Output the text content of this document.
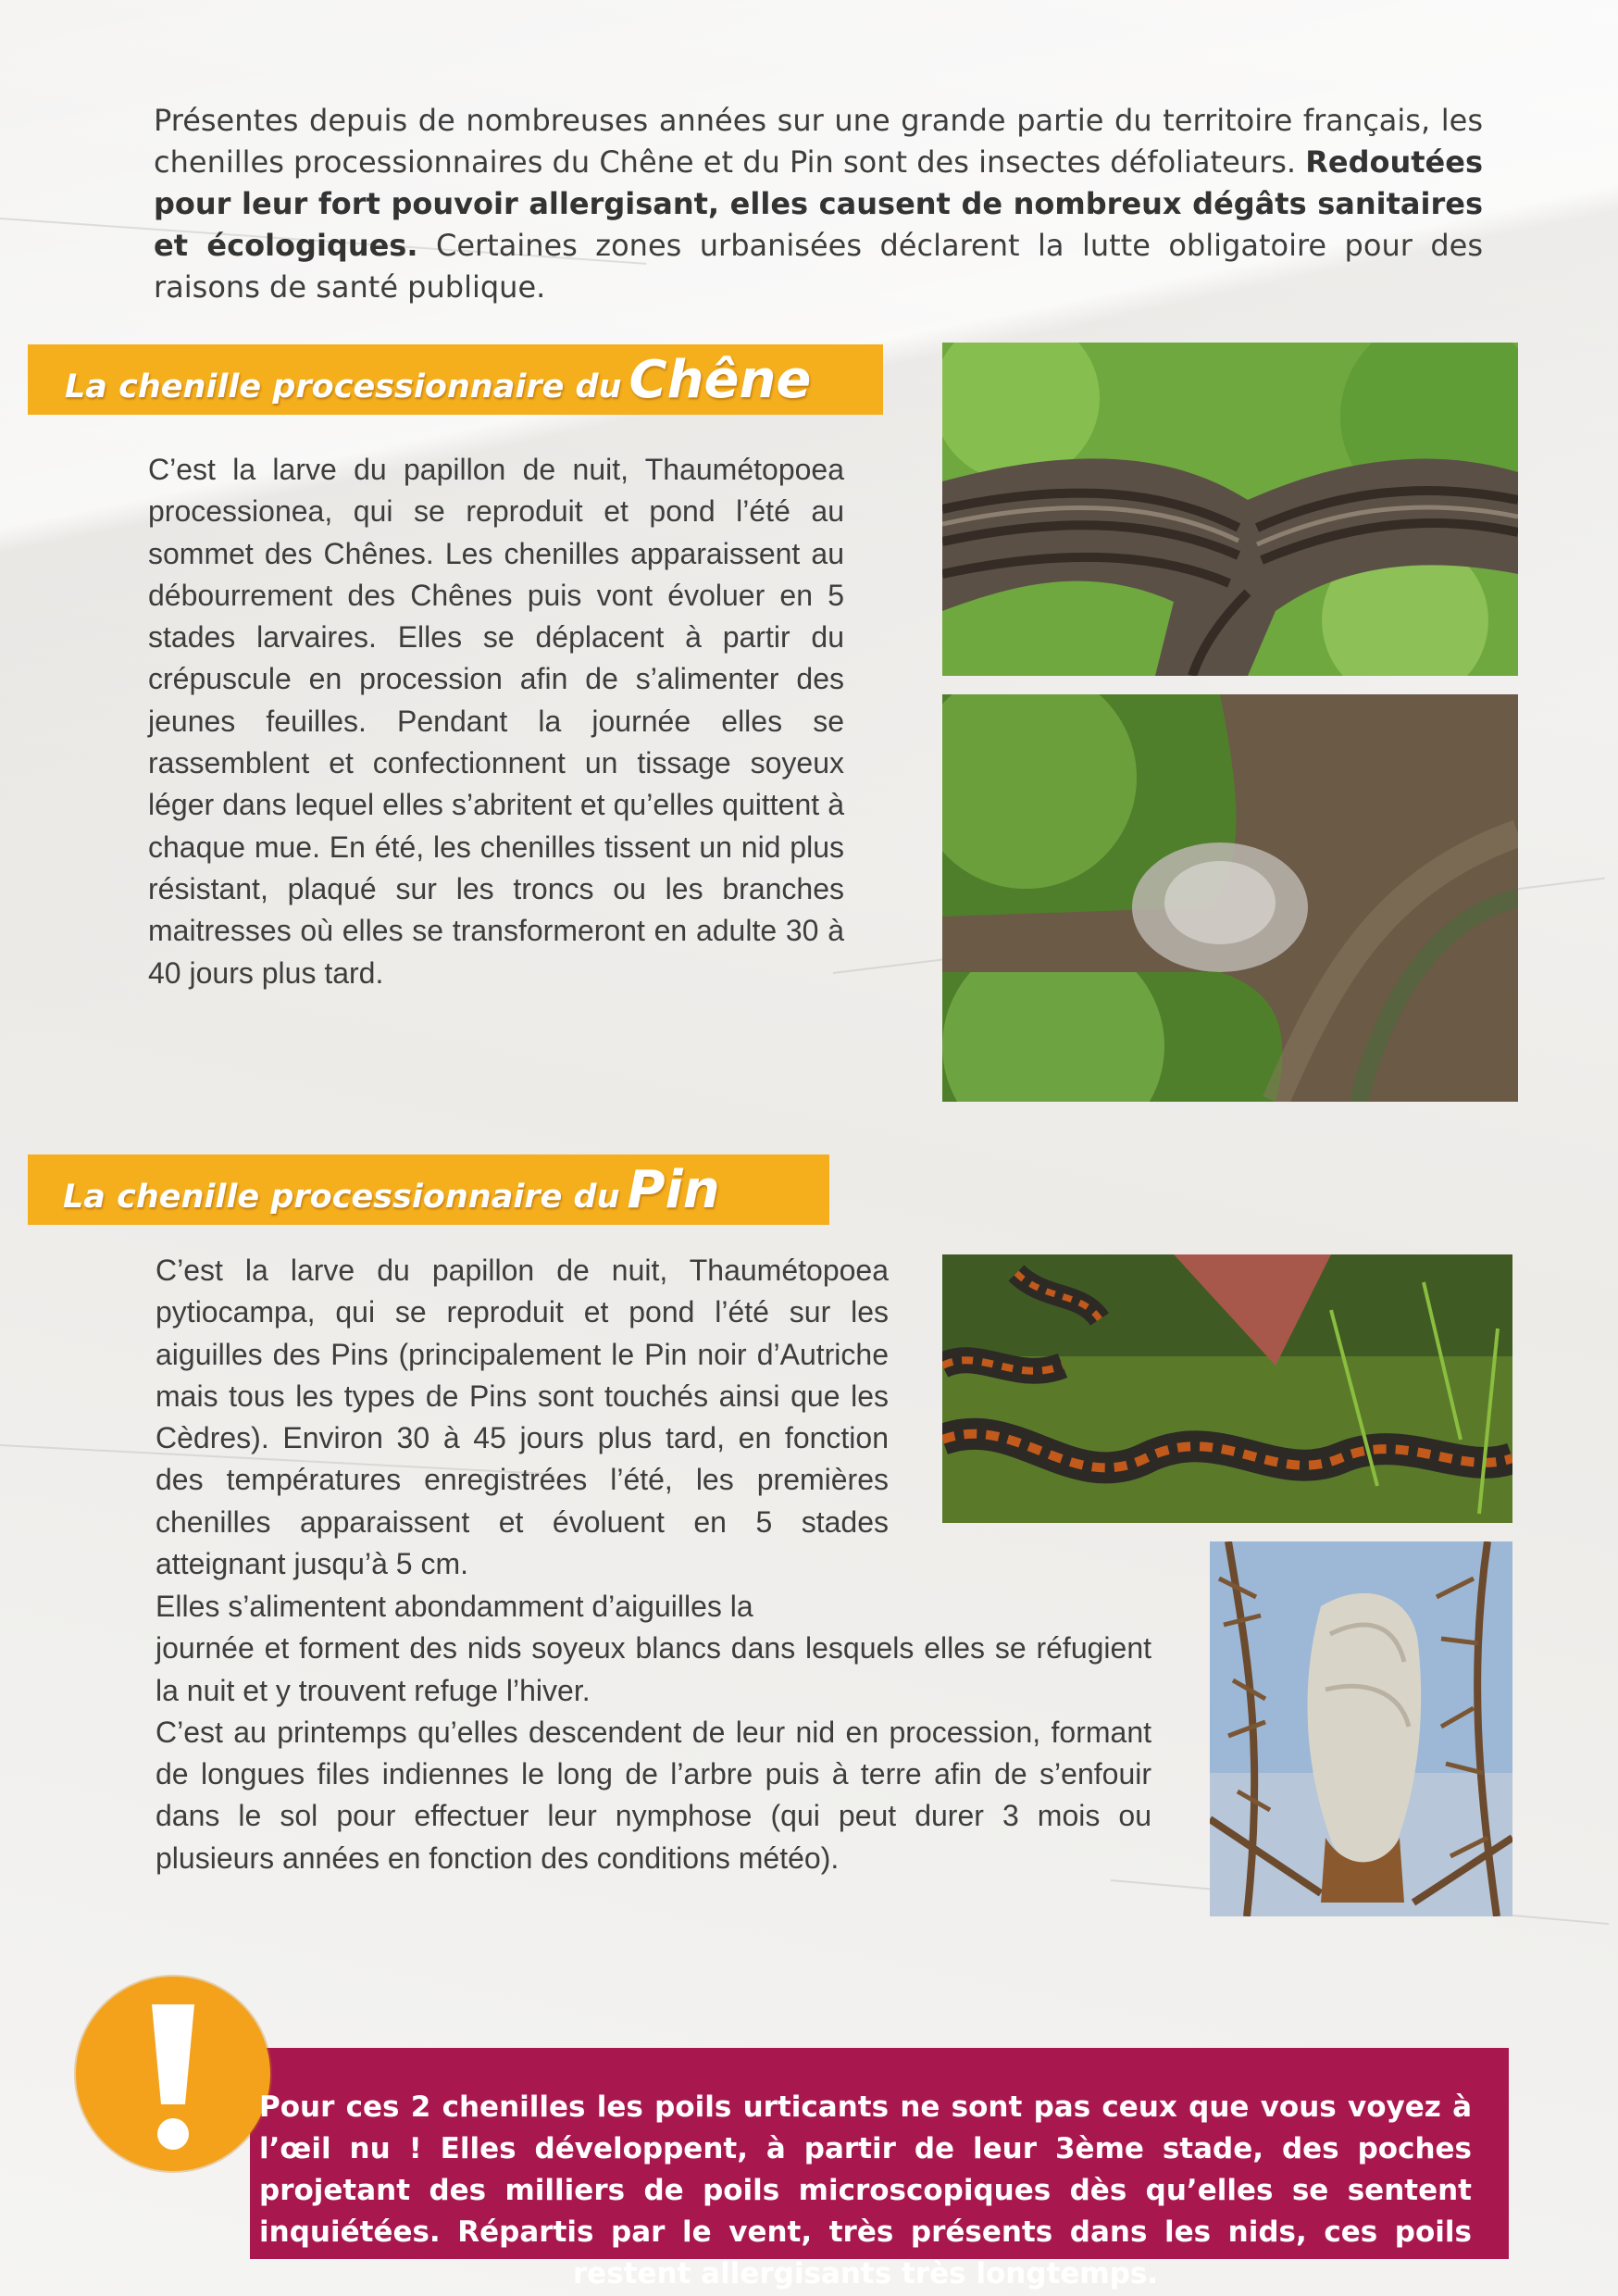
Présentes depuis de nombreuses années sur une grande partie du territoire français, les chenilles processionnaires du Chêne et du Pin sont des insectes défoliateurs. Redoutées pour leur fort pouvoir allergisant, elles causent de nombreux dégâts sanitaires et écologiques. Certaines zones urbanisées déclarent la lutte obligatoire pour des raisons de santé publique.
La chenille processionnaire du Chêne
C’est la larve du papillon de nuit, Thaumétopoea processionea, qui se reproduit et pond l’été au sommet des Chênes. Les chenilles apparaissent au débourrement des Chênes puis vont évoluer en 5 stades larvaires. Elles se déplacent à partir du crépuscule en procession afin de s’alimenter des jeunes feuilles. Pendant la journée elles se rassemblent et confectionnent un tissage soyeux léger dans lequel elles s’abritent et qu’elles quittent à chaque mue. En été, les chenilles tissent un nid plus résistant, plaqué sur les troncs ou les branches maitresses où elles se transformeront en adulte 30 à 40 jours plus tard.
La chenille processionnaire du Pin
C’est la larve du papillon de nuit, Thaumétopoea pytiocampa, qui se reproduit et pond l’été sur les aiguilles des Pins (principalement le Pin noir d’Autriche mais tous les types de Pins sont touchés ainsi que les Cèdres). Environ 30 à 45 jours plus tard, en fonction des températures enregistrées l’été, les premières chenilles apparaissent et évoluent en 5 stades atteignant jusqu’à 5 cm.
Elles s’alimentent abondamment d’aiguilles la
journée et forment des nids soyeux blancs dans lesquels elles se réfugient la nuit et y trouvent refuge l’hiver.
C’est au printemps qu’elles descendent de leur nid en procession, formant de longues files indiennes le long de l’arbre puis à terre afin de s’enfouir dans le sol pour effectuer leur nymphose (qui peut durer 3 mois ou plusieurs années en fonction des conditions météo).
Pour ces 2 chenilles les poils urticants ne sont pas ceux que vous voyez à l’œil nu ! Elles développent, à partir de leur 3ème stade, des poches projetant des milliers de poils microscopiques dès qu’elles se sentent inquiétées. Répartis par le vent, très présents dans les nids, ces poils restent allergisants très longtemps.
